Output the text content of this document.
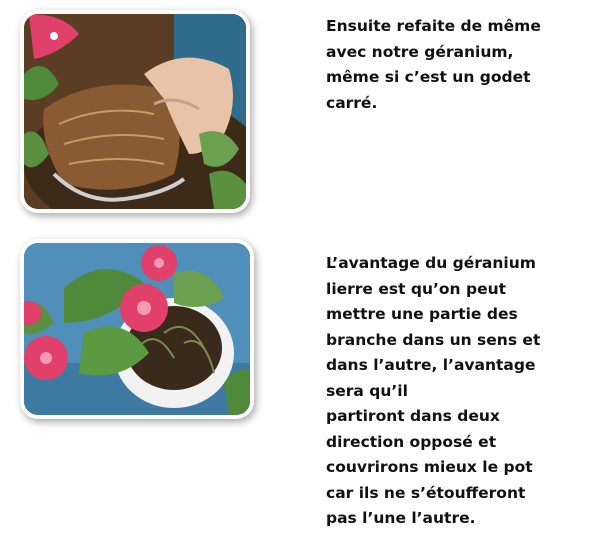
Ensuite refaite de même
avec notre géranium,
même si c’est un godet
carré.

L’avantage du géranium
lierre est qu’on peut
mettre une partie des
branche dans un sens et
dans l’autre, l’avantage
sera qu’il
partiront dans deux
direction opposé et
couvrirons mieux le pot
car ils ne s’étoufferont
pas l’une l’autre.
